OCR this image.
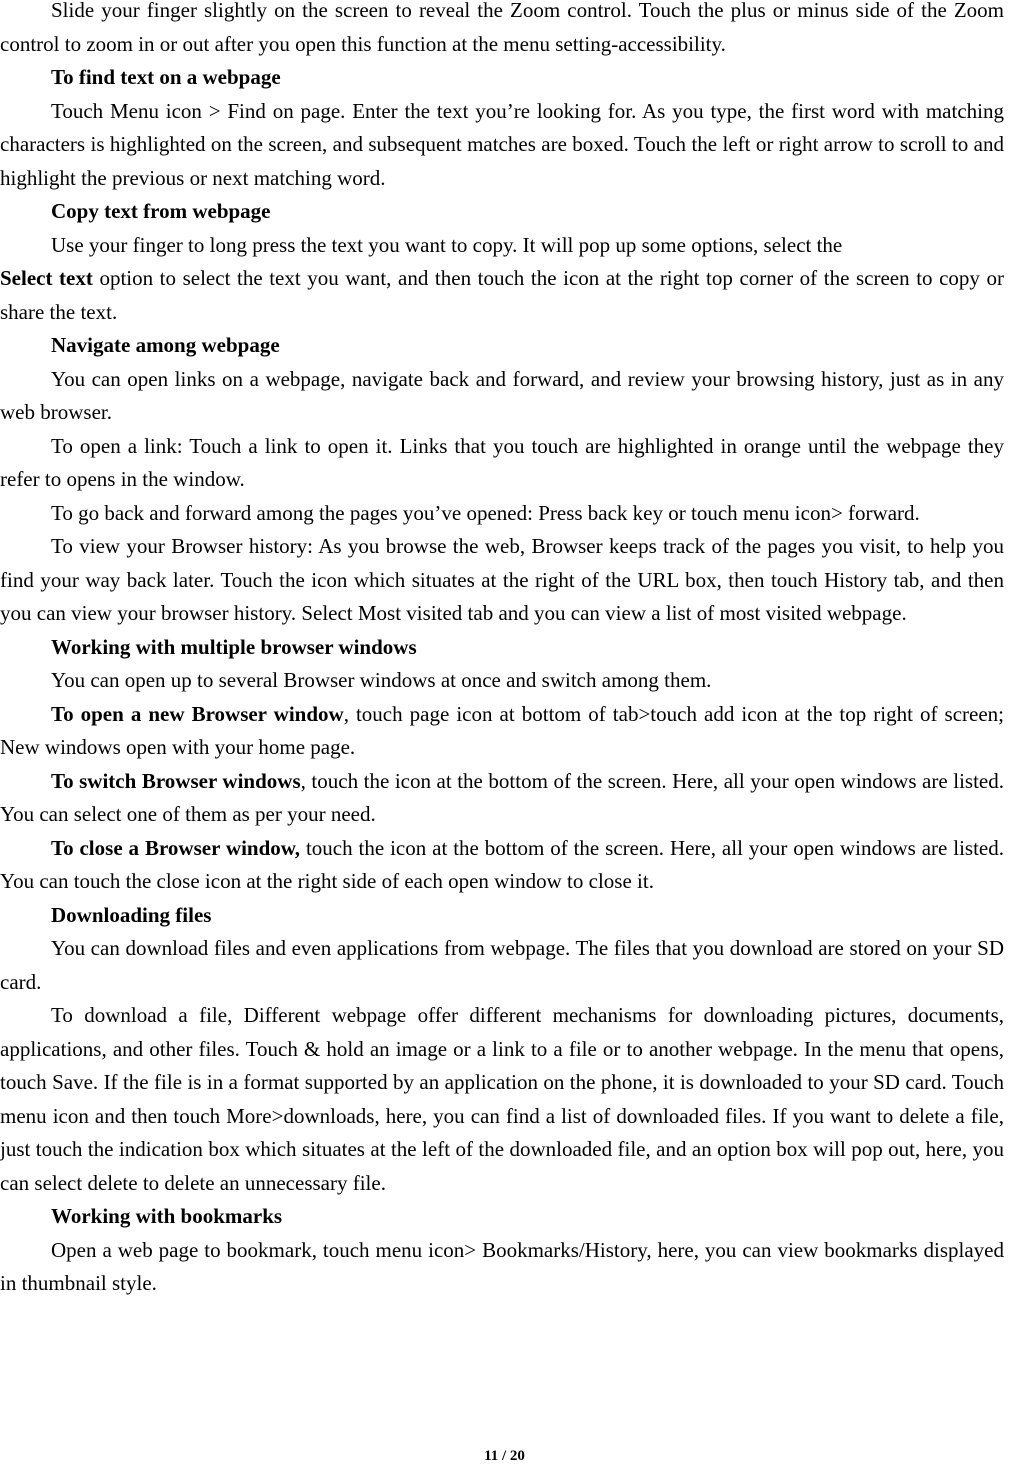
Slide your finger slightly on the screen to reveal the Zoom control. Touch the plus or minus side of the Zoom control to zoom in or out after you open this function at the menu setting-accessibility.

To find text on a webpage

Touch Menu icon > Find on page. Enter the text you’re looking for. As you type, the first word with matching characters is highlighted on the screen, and subsequent matches are boxed. Touch the left or right arrow to scroll to and highlight the previous or next matching word.

Copy text from webpage

Use your finger to long press the text you want to copy. It will pop up some options, select the
Select text option to select the text you want, and then touch the icon at the right top corner of the screen to copy or share the text.

Navigate among webpage

You can open links on a webpage, navigate back and forward, and review your browsing history, just as in any web browser.

To open a link: Touch a link to open it. Links that you touch are highlighted in orange until the webpage they refer to opens in the window.

To go back and forward among the pages you’ve opened: Press back key or touch menu icon> forward.

To view your Browser history: As you browse the web, Browser keeps track of the pages you visit, to help you find your way back later. Touch the icon which situates at the right of the URL box, then touch History tab, and then you can view your browser history. Select Most visited tab and you can view a list of most visited webpage.

Working with multiple browser windows

You can open up to several Browser windows at once and switch among them.

To open a new Browser window, touch page icon at bottom of tab>touch add icon at the top right of screen; New windows open with your home page.

To switch Browser windows, touch the icon at the bottom of the screen. Here, all your open windows are listed. You can select one of them as per your need.

To close a Browser window, touch the icon at the bottom of the screen. Here, all your open windows are listed. You can touch the close icon at the right side of each open window to close it.

Downloading files

You can download files and even applications from webpage. The files that you download are stored on your SD card.

To download a file, Different webpage offer different mechanisms for downloading pictures, documents, applications, and other files. Touch & hold an image or a link to a file or to another webpage. In the menu that opens, touch Save. If the file is in a format supported by an application on the phone, it is downloaded to your SD card. Touch menu icon and then touch More>downloads, here, you can find a list of downloaded files. If you want to delete a file, just touch the indication box which situates at the left of the downloaded file, and an option box will pop out, here, you can select delete to delete an unnecessary file.

Working with bookmarks

Open a web page to bookmark, touch menu icon> Bookmarks/History, here, you can view bookmarks displayed in thumbnail style.

11 / 20
